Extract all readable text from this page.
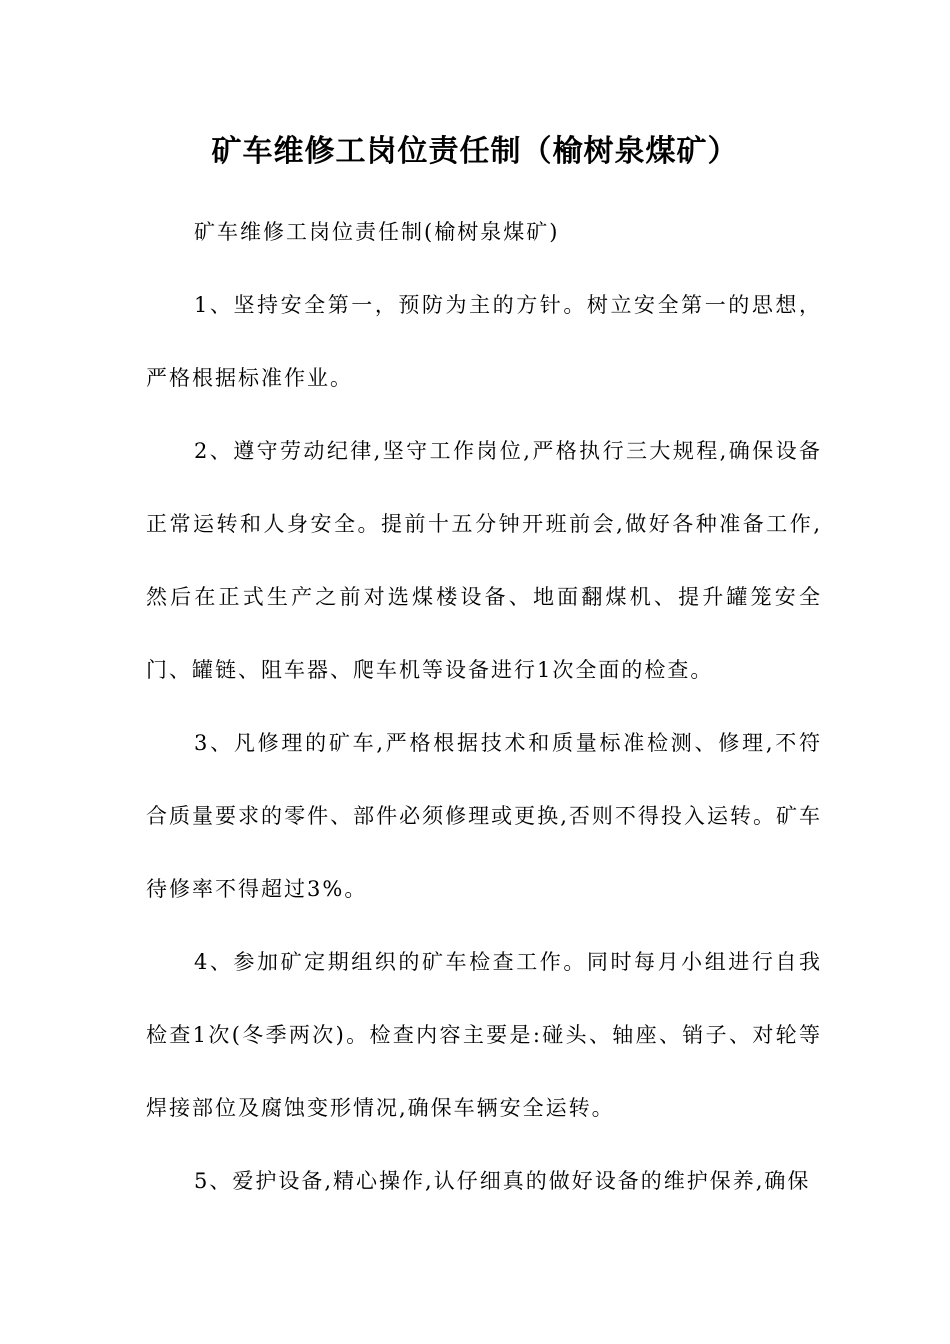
矿车维修工岗位责任制（榆树泉煤矿）

矿车维修工岗位责任制(榆树泉煤矿)

1、坚持安全第一，预防为主的方针。树立安全第一的思想，严格根据标准作业。

2、遵守劳动纪律,坚守工作岗位,严格执行三大规程,确保设备正常运转和人身安全。提前十五分钟开班前会,做好各种准备工作,然后在正式生产之前对选煤楼设备、地面翻煤机、提升罐笼安全门、罐链、阻车器、爬车机等设备进行1次全面的检查。

3、凡修理的矿车,严格根据技术和质量标准检测、修理,不符合质量要求的零件、部件必须修理或更换,否则不得投入运转。矿车待修率不得超过3%。

4、参加矿定期组织的矿车检查工作。同时每月小组进行自我检查1次(冬季两次)。检查内容主要是:碰头、轴座、销子、对轮等焊接部位及腐蚀变形情况,确保车辆安全运转。

5、爱护设备,精心操作,认仔细真的做好设备的维护保养,确保
